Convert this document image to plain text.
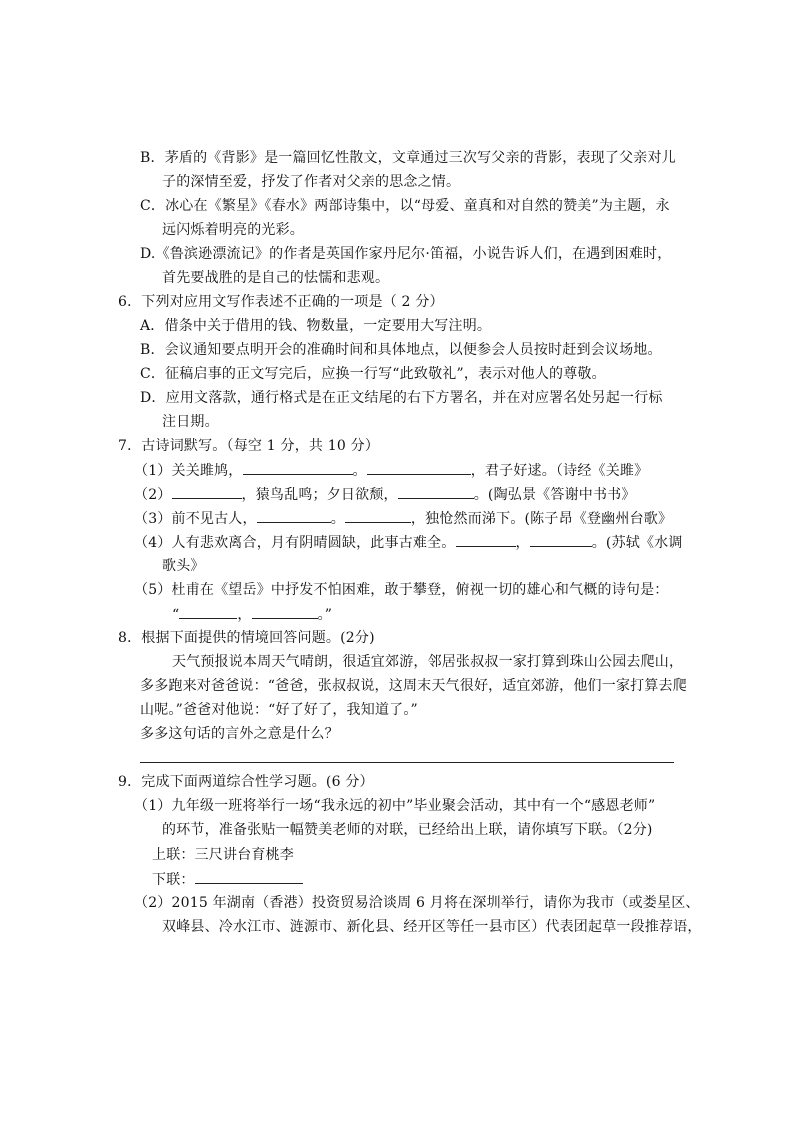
B．茅盾的《背影》是一篇回忆性散文，文章通过三次写父亲的背影，表现了父亲对儿
子的深情至爱，抒发了作者对父亲的思念之情。
C．冰心在《繁星》《春水》两部诗集中，以“母爱、童真和对自然的赞美”为主题，永
远闪烁着明亮的光彩。
D.《鲁滨逊漂流记》的作者是英国作家丹尼尔·笛福，小说告诉人们，在遇到困难时，
首先要战胜的是自己的怯懦和悲观。
6．下列对应用文写作表述不正确的一项是（ 2 分）
A．借条中关于借用的钱、物数量，一定要用大写注明。
B．会议通知要点明开会的准确时间和具体地点，以便参会人员按时赶到会议场地。
C．征稿启事的正文写完后，应换一行写“此致敬礼”，表示对他人的尊敬。
D．应用文落款，通行格式是在正文结尾的右下方署名，并在对应署名处另起一行标
注日期。
7．古诗词默写。（每空 1 分，共 10 分）
（1）关关雎鸠，	。	，君子好逑。（诗经《关雎》
（2）	，猿鸟乱鸣；夕日欲颓，	。(陶弘景《答谢中书书》
（3）前不见古人，	。	，独怆然而涕下。(陈子昂《登幽州台歌》
（4）人有悲欢离合，月有阴晴圆缺，此事古难全。	，	。(苏轼《水调
歌头》
（5）杜甫在《望岳》中抒发不怕困难，敢于攀登，俯视一切的雄心和气概的诗句是：
“	，	。”
8．根据下面提供的情境回答问题。(2分)
天气预报说本周天气晴朗，很适宜郊游，邻居张叔叔一家打算到珠山公园去爬山，
多多跑来对爸爸说：“爸爸，张叔叔说，这周末天气很好，适宜郊游，他们一家打算去爬
山呢。”爸爸对他说：“好了好了，我知道了。”
多多这句话的言外之意是什么？
9．完成下面两道综合性学习题。(6 分）
（1）九年级一班将举行一场“我永远的初中”毕业聚会活动，其中有一个“感恩老师”
的环节，准备张贴一幅赞美老师的对联，已经给出上联，请你填写下联。（2分)
上联：三尺讲台育桃李
下联：
（2）2015 年湖南（香港）投资贸易洽谈周 6 月将在深圳举行，请你为我市（或娄星区、
双峰县、冷水江市、涟源市、新化县、经开区等任一县市区）代表团起草一段推荐语，
